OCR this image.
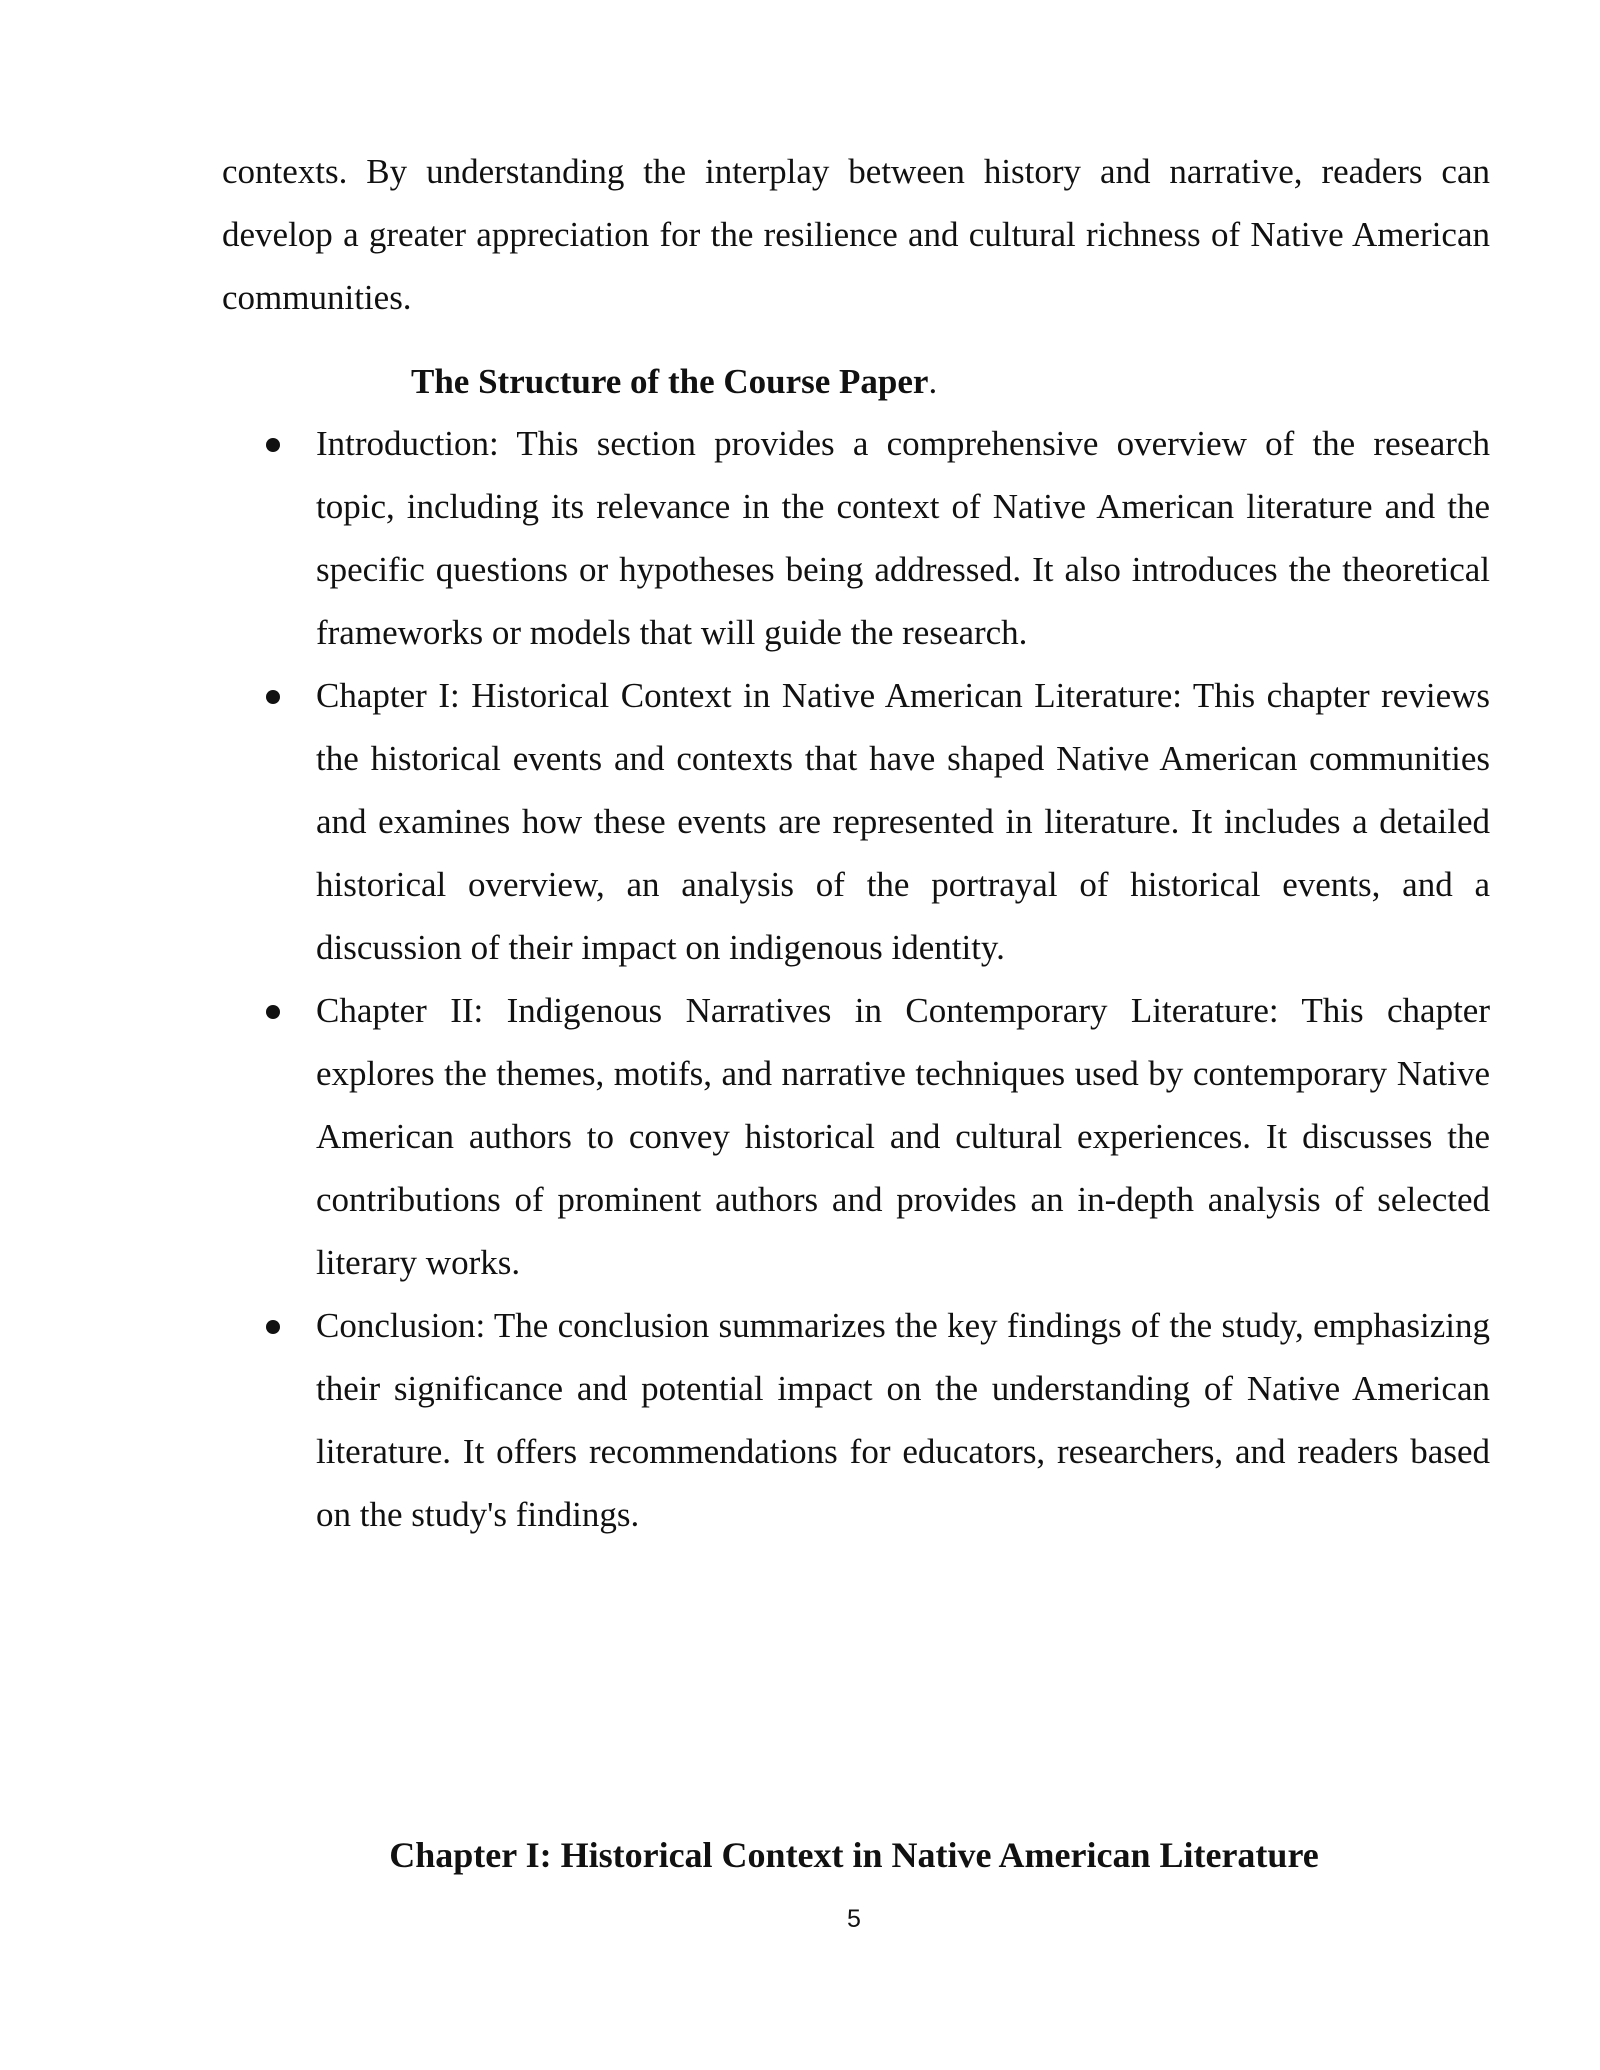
contexts. By understanding the interplay between history and narrative, readers can develop a greater appreciation for the resilience and cultural richness of Native American communities.

The Structure of the Course Paper.
Introduction: This section provides a comprehensive overview of the research topic, including its relevance in the context of Native American literature and the specific questions or hypotheses being addressed. It also introduces the theoretical frameworks or models that will guide the research.
Chapter I: Historical Context in Native American Literature: This chapter reviews the historical events and contexts that have shaped Native American communities and examines how these events are represented in literature. It includes a detailed historical overview, an analysis of the portrayal of historical events, and a discussion of their impact on indigenous identity.
Chapter II: Indigenous Narratives in Contemporary Literature: This chapter explores the themes, motifs, and narrative techniques used by contemporary Native American authors to convey historical and cultural experiences. It discusses the contributions of prominent authors and provides an in-depth analysis of selected literary works.
Conclusion: The conclusion summarizes the key findings of the study, emphasizing their significance and potential impact on the understanding of Native American literature. It offers recommendations for educators, researchers, and readers based on the study's findings.
Chapter I: Historical Context in Native American Literature
5
